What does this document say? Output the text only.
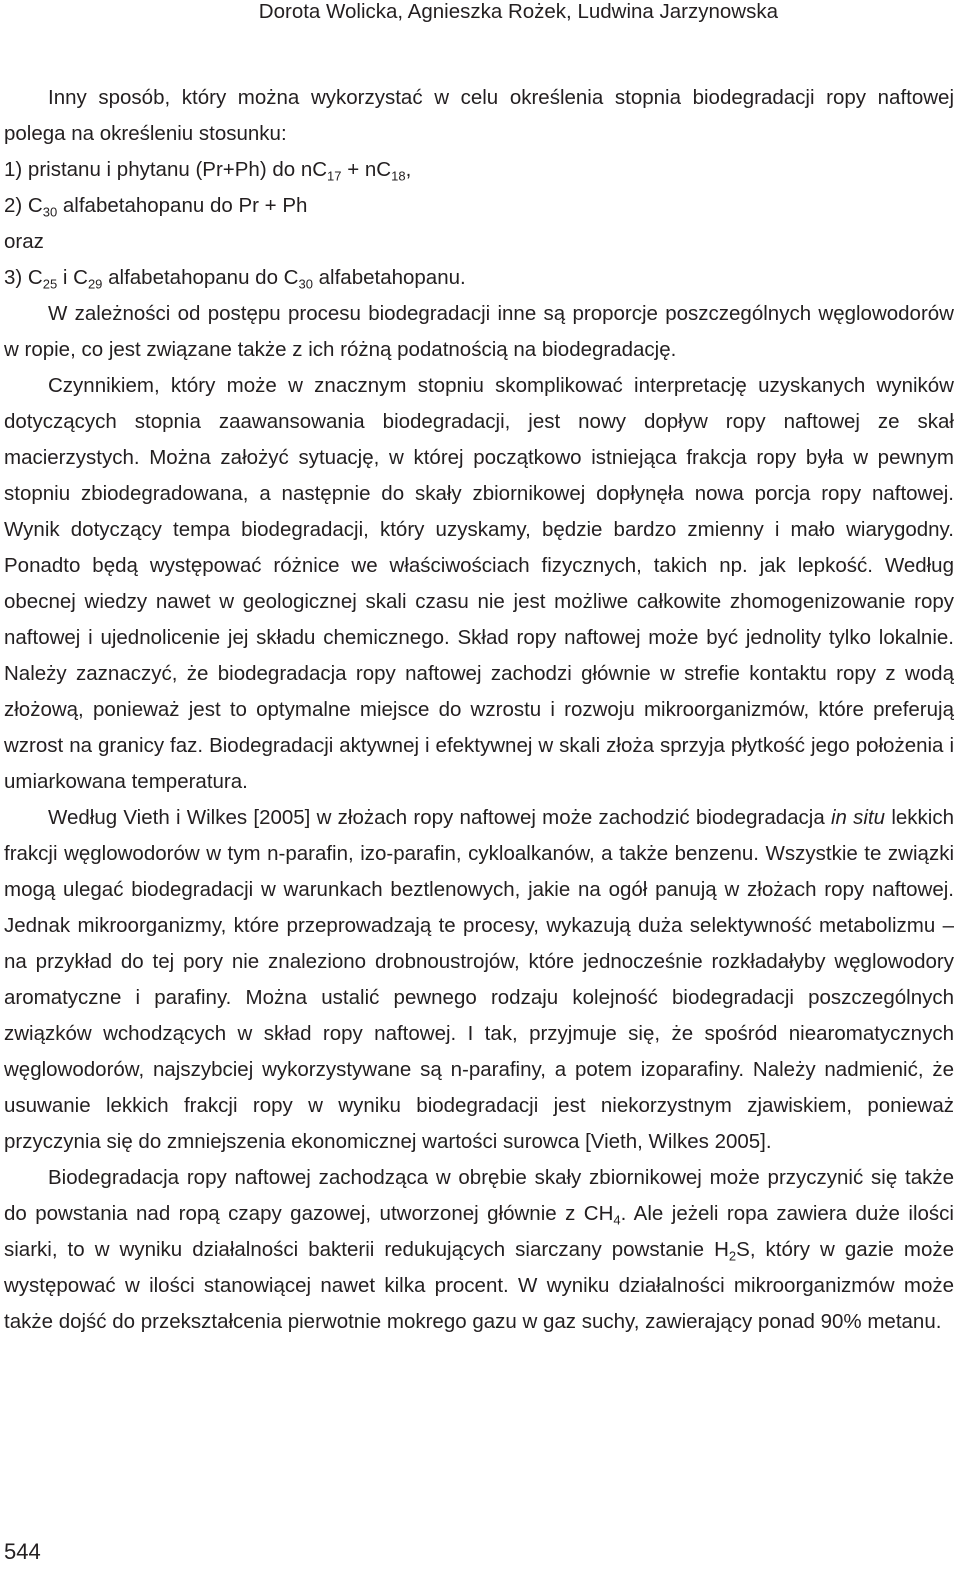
Dorota Wolicka, Agnieszka Rożek, Ludwina Jarzynowska

Inny sposób, który można wykorzystać w celu określenia stopnia biodegradacji ropy naftowej polega na określeniu stosunku:

1) pristanu i phytanu (Pr+Ph) do $nC_{17} + nC_{18}$,

2) $C_{30}$ alfabetahopanu do Pr + Ph

oraz

3) $C_{25}$ i $C_{29}$ alfabetahopanu do $C_{30}$ alfabetahopanu.

W zależności od postępu procesu biodegradacji inne są proporcje poszczególnych węglowodorów w ropie, co jest związane także z ich różną podatnością na biodegradację.

Czynnikiem, który może w znacznym stopniu skomplikować interpretację uzyskanych wyników dotyczących stopnia zaawansowania biodegradacji, jest nowy dopływ ropy naftowej ze skał macierzystych. Można założyć sytuację, w której początkowo istniejąca frakcja ropy była w pewnym stopniu zbiodegradowana, a następnie do skały zbiornikowej dopłynęła nowa porcja ropy naftowej. Wynik dotyczący tempa biodegradacji, który uzyskamy, będzie bardzo zmienny i mało wiarygodny. Ponadto będą występować różnice we właściwościach fizycznych, takich np. jak lepkość. Według obecnej wiedzy nawet w geologicznej skali czasu nie jest możliwe całkowite zhomogenizowanie ropy naftowej i ujednolicenie jej składu chemicznego. Skład ropy naftowej może być jednolity tylko lokalnie. Należy zaznaczyć, że biodegradacja ropy naftowej zachodzi głównie w strefie kontaktu ropy z wodą złożową, ponieważ jest to optymalne miejsce do wzrostu i rozwoju mikroorganizmów, które preferują wzrost na granicy faz. Biodegradacji aktywnej i efektywnej w skali złoża sprzyja płytkość jego położenia i umiarkowana temperatura.

Według Vieth i Wilkes [2005] w złożach ropy naftowej może zachodzić biodegradacja in situ lekkich frakcji węglowodorów w tym n-parafin, izo-parafin, cykloalkanów, a także benzenu. Wszystkie te związki mogą ulegać biodegradacji w warunkach beztlenowych, jakie na ogół panują w złożach ropy naftowej. Jednak mikroorganizmy, które przeprowadzają te procesy, wykazują duża selektywność metabolizmu – na przykład do tej pory nie znaleziono drobnoustrojów, które jednocześnie rozkładałyby węglowodory aromatyczne i parafiny. Można ustalić pewnego rodzaju kolejność biodegradacji poszczególnych związków wchodzących w skład ropy naftowej. I tak, przyjmuje się, że spośród niearomatycznych węglowodorów, najszybciej wykorzystywane są n-parafiny, a potem izoparafiny. Należy nadmienić, że usuwanie lekkich frakcji ropy w wyniku biodegradacji jest niekorzystnym zjawiskiem, ponieważ przyczynia się do zmniejszenia ekonomicznej wartości surowca [Vieth, Wilkes 2005].

Biodegradacja ropy naftowej zachodząca w obrębie skały zbiornikowej może przyczynić się także do powstania nad ropą czapy gazowej, utworzonej głównie z $CH_4$. Ale jeżeli ropa zawiera duże ilości siarki, to w wyniku działalności bakterii redukujących siarczany powstanie $H_2S$, który w gazie może występować w ilości stanowiącej nawet kilka procent. W wyniku działalności mikroorganizmów może także dojść do przekształcenia pierwotnie mokrego gazu w gaz suchy, zawierający ponad 90% metanu.

544
